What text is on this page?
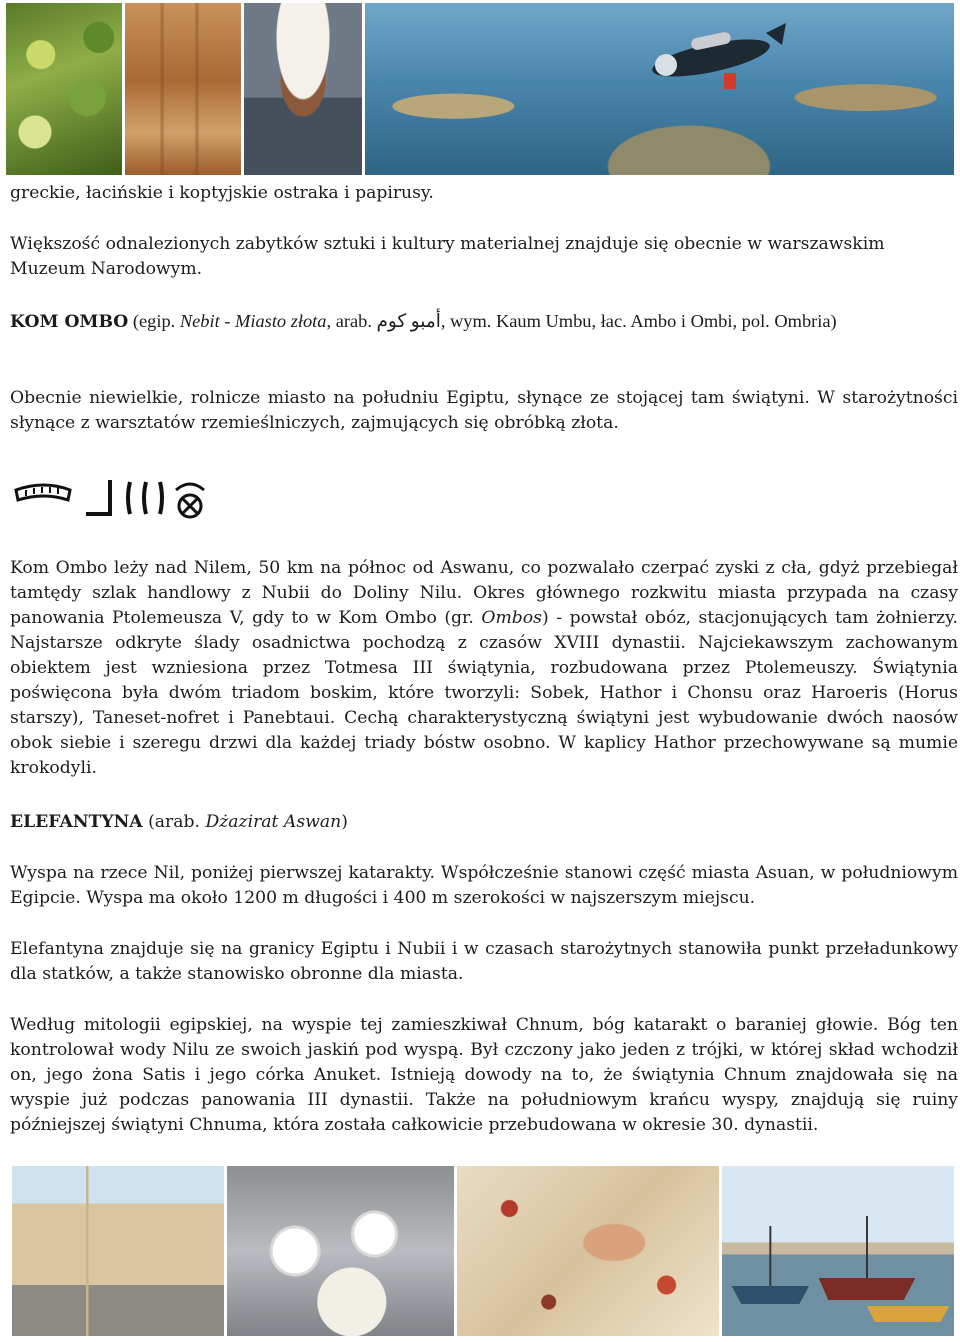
greckie, łacińskie i koptyjskie ostraka i papirusy.

Większość odnalezionych zabytków sztuki i kultury materialnej znajduje się obecnie w warszawskim Muzeum Narodowym.

KOM OMBO (egip. Nebit - Miasto złota, arab. أمبو كوم, wym. Kaum Umbu, łac. Ambo i Ombi, pol. Ombria)

Obecnie niewielkie, rolnicze miasto na południu Egiptu, słynące ze stojącej tam świątyni. W starożytności słynące z warsztatów rzemieślniczych, zajmujących się obróbką złota.

Kom Ombo leży nad Nilem, 50 km na północ od Aswanu, co pozwalało czerpać zyski z cła, gdyż przebiegał tamtędy szlak handlowy z Nubii do Doliny Nilu. Okres głównego rozkwitu miasta przypada na czasy panowania Ptolemeusza V, gdy to w Kom Ombo (gr. Ombos) - powstał obóz, stacjonujących tam żołnierzy. Najstarsze odkryte ślady osadnictwa pochodzą z czasów XVIII dynastii. Najciekawszym zachowanym obiektem jest wzniesiona przez Totmesa III świątynia, rozbudowana przez Ptolemeuszy. Świątynia poświęcona była dwóm triadom boskim, które tworzyli: Sobek, Hathor i Chonsu oraz Haroeris (Horus starszy), Taneset-nofret i Panebtaui. Cechą charakterystyczną świątyni jest wybudowanie dwóch naosów obok siebie i szeregu drzwi dla każdej triady bóstw osobno. W kaplicy Hathor przechowywane są mumie krokodyli.

ELEFANTYNA (arab. Dżazirat Aswan)

Wyspa na rzece Nil, poniżej pierwszej katarakty. Współcześnie stanowi część miasta Asuan, w południowym Egipcie. Wyspa ma około 1200 m długości i 400 m szerokości w najszerszym miejscu.

Elefantyna znajduje się na granicy Egiptu i Nubii i w czasach starożytnych stanowiła punkt przeładunkowy dla statków, a także stanowisko obronne dla miasta.

Według mitologii egipskiej, na wyspie tej zamieszkiwał Chnum, bóg katarakt o baraniej głowie. Bóg ten kontrolował wody Nilu ze swoich jaskiń pod wyspą. Był czczony jako jeden z trójki, w której skład wchodził on, jego żona Satis i jego córka Anuket. Istnieją dowody na to, że świątynia Chnum znajdowała się na wyspie już podczas panowania III dynastii. Także na południowym krańcu wyspy, znajdują się ruiny późniejszej świątyni Chnuma, która została całkowicie przebudowana w okresie 30. dynastii.
